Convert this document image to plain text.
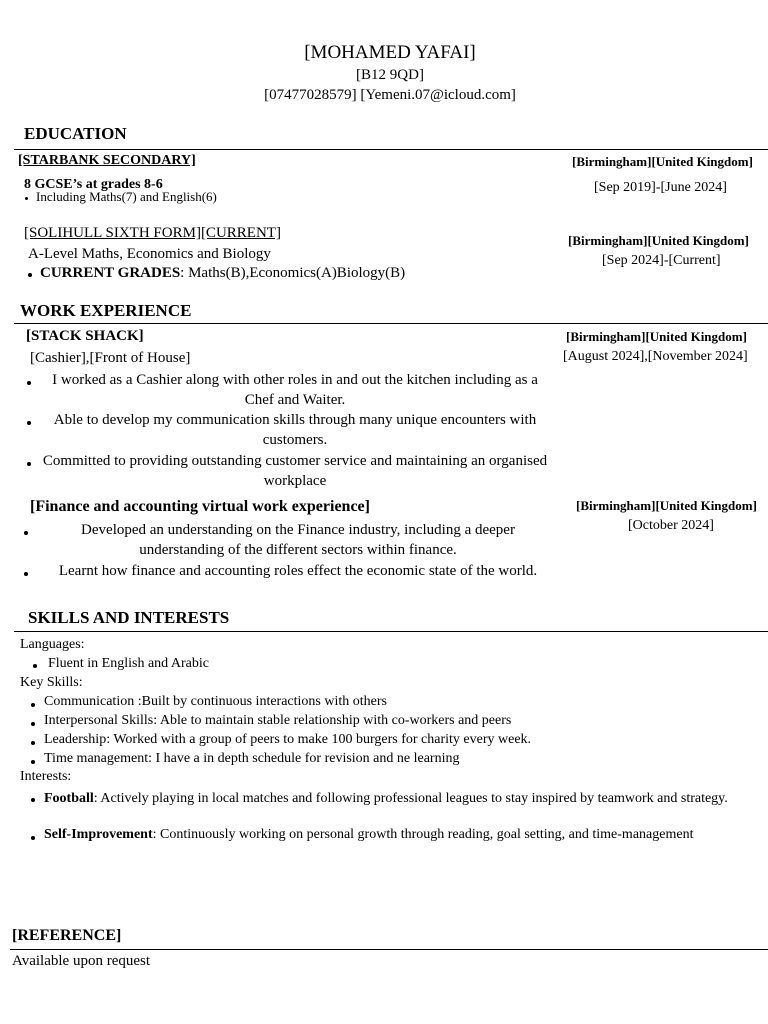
[MOHAMED YAFAI]
[B12 9QD]
[07477028579] [Yemeni.07@icloud.com]
EDUCATION
[STARBANK SECONDARY]	[Birmingham][United Kingdom]
8 GCSE’s at grades 8-6	[Sep 2019]-[June 2024]
Including Maths(7) and English(6)
[SOLIHULL SIXTH FORM][CURRENT]	[Birmingham][United Kingdom]
A-Level Maths, Economics and Biology	[Sep 2024]-[Current]
CURRENT GRADES: Maths(B),Economics(A)Biology(B)
WORK EXPERIENCE
[STACK SHACK]	[Birmingham][United Kingdom]
[Cashier],[Front of House]	[August 2024],[November 2024]
I worked as a Cashier along with other roles in and out the kitchen including as a Chef and Waiter.
Able to develop my communication skills through many unique encounters with customers.
Committed to providing outstanding customer service and maintaining an organised workplace
[Finance and accounting virtual work experience]	[Birmingham][United Kingdom]
[October 2024]
Developed an understanding on the Finance industry, including a deeper understanding of the different sectors within finance.
Learnt how finance and accounting roles effect the economic state of the world.
SKILLS AND INTERESTS
Languages:
Fluent in English and Arabic
Key Skills:
Communication :Built by continuous interactions with others
Interpersonal Skills: Able to maintain stable relationship with co-workers and peers
Leadership: Worked with a group of peers to make 100 burgers for charity every week.
Time management: I have a in depth schedule for revision and ne learning
Interests:
Football: Actively playing in local matches and following professional leagues to stay inspired by teamwork and strategy.
Self-Improvement: Continuously working on personal growth through reading, goal setting, and time-management
[REFERENCE]
Available upon request
